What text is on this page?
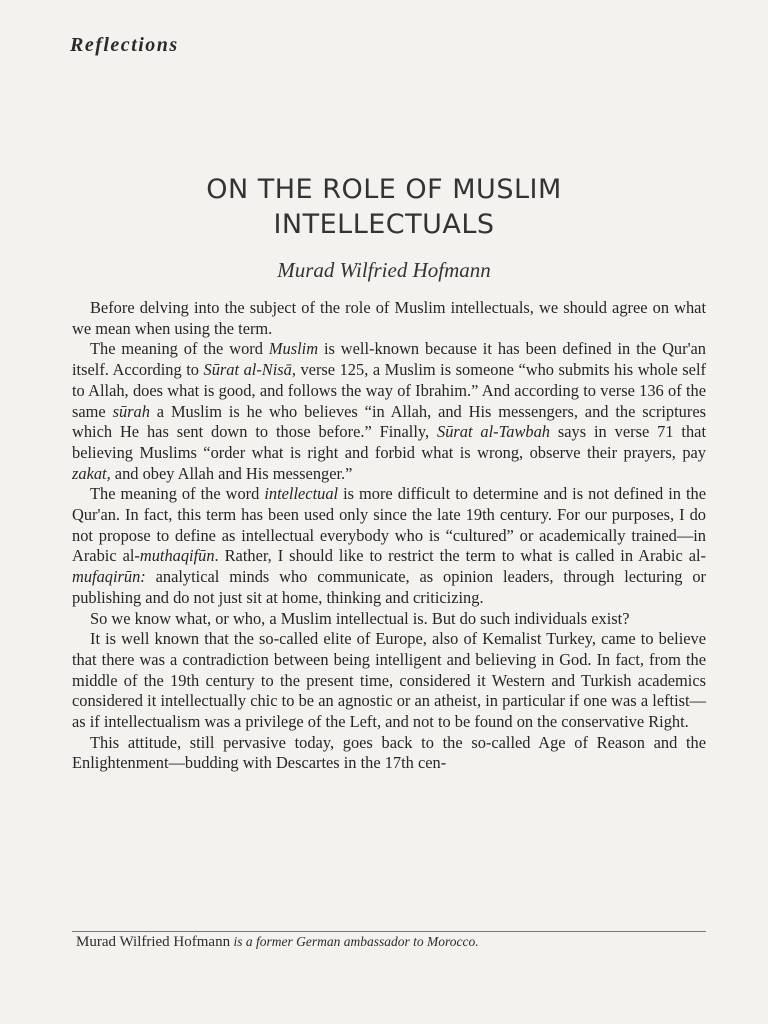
Reflections
ON THE ROLE OF MUSLIM
INTELLECTUALS
Murad Wilfried Hofmann

Before delving into the subject of the role of Muslim intellectuals, we should agree on what we mean when using the term.

The meaning of the word Muslim is well-known because it has been defined in the Qur'an itself. According to Sūrat al-Nisā, verse 125, a Muslim is someone “who submits his whole self to Allah, does what is good, and follows the way of Ibrahim.” And according to verse 136 of the same sūrah a Muslim is he who believes “in Allah, and His messengers, and the scriptures which He has sent down to those before.” Finally, Sūrat al-Tawbah says in verse 71 that believing Muslims “order what is right and forbid what is wrong, observe their prayers, pay zakat, and obey Allah and His messenger.”

The meaning of the word intellectual is more difficult to determine and is not defined in the Qur'an. In fact, this term has been used only since the late 19th century. For our purposes, I do not propose to define as intellectual everybody who is “cultured” or academically trained—in Arabic al-muthaqifūn. Rather, I should like to restrict the term to what is called in Arabic al-mufaqirūn: analytical minds who communicate, as opinion leaders, through lecturing or publishing and do not just sit at home, thinking and criticizing.

So we know what, or who, a Muslim intellectual is. But do such individuals exist?

It is well known that the so-called elite of Europe, also of Kemalist Turkey, came to believe that there was a contradiction between being intelligent and believing in God. In fact, from the middle of the 19th century to the present time, considered it Western and Turkish academics considered it intellectually chic to be an agnostic or an atheist, in particular if one was a leftist—as if intellectualism was a privilege of the Left, and not to be found on the conservative Right.

This attitude, still pervasive today, goes back to the so-called Age of Reason and the Enlightenment—budding with Descartes in the 17th cen-

Murad Wilfried Hofmann is a former German ambassador to Morocco.
